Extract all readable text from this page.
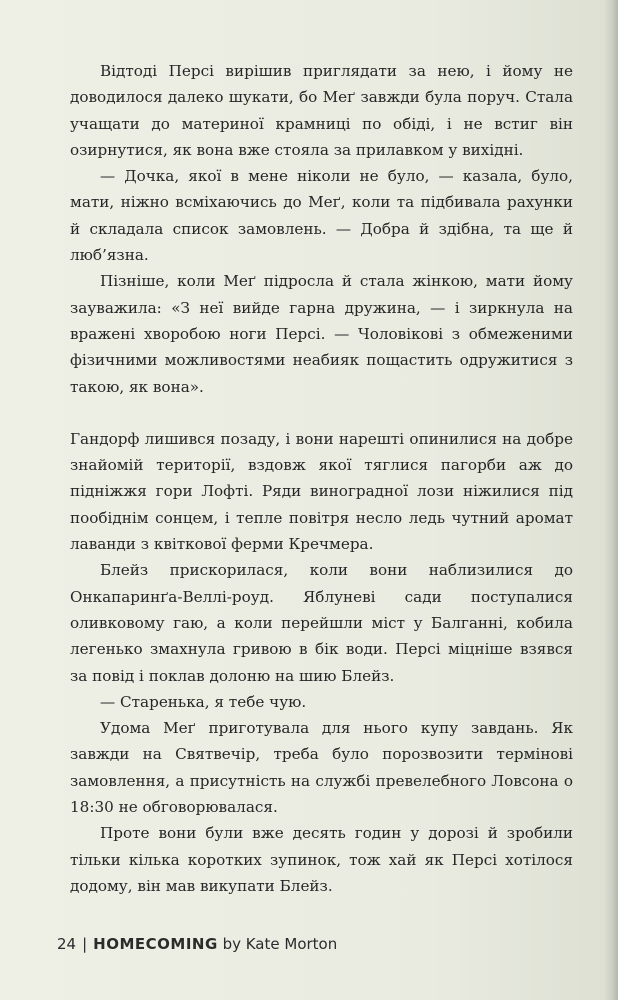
Відтоді Персі вирішив приглядати за нею, і йому не доводилося далеко шукати, бо Меґ завжди була поруч. Стала учащати до материної крамниці по обіді, і не встиг він озирнутися, як вона вже стояла за прилавком у вихідні.

— Дочка, якої в мене ніколи не було, — казала, було, мати, ніжно всміхаючись до Меґ, коли та підбивала рахунки й складала список замовлень. — Добра й здібна, та ще й люб’язна.

Пізніше, коли Меґ підросла й стала жінкою, мати йому зауважила: «З неї вийде гарна дружина, — і зиркнула на вражені хворобою ноги Персі. — Чоловікові з обмеженими фізичними можливостями неабияк пощастить одружитися з такою, як вона».

Гандорф лишився позаду, і вони нарешті опинилися на добре знайомій території, вздовж якої тяглися пагорби аж до підніжжя гори Лофті. Ряди виноградної лози ніжилися під пообіднім сонцем, і тепле повітря несло ледь чутний аромат лаванди з квіткової ферми Кречмера.

Блейз прискорилася, коли вони наблизилися до Онкапаринґа-Веллі-роуд. Яблуневі сади поступалися оливковому гаю, а коли перейшли міст у Балганні, кобила легенько змахнула гривою в бік води. Персі міцніше взявся за повід і поклав долоню на шию Блейз.

— Старенька, я тебе чую.

Удома Меґ приготувала для нього купу завдань. Як завжди на Святвечір, треба було порозвозити термінові замовлення, а присутність на службі превелебного Ловсона о 18:30 не обговорювалася.

Проте вони були вже десять годин у дорозі й зробили тільки кілька коротких зупинок, тож хай як Персі хотілося додому, він мав викупати Блейз.

24 | HOMECOMING by Kate Morton
